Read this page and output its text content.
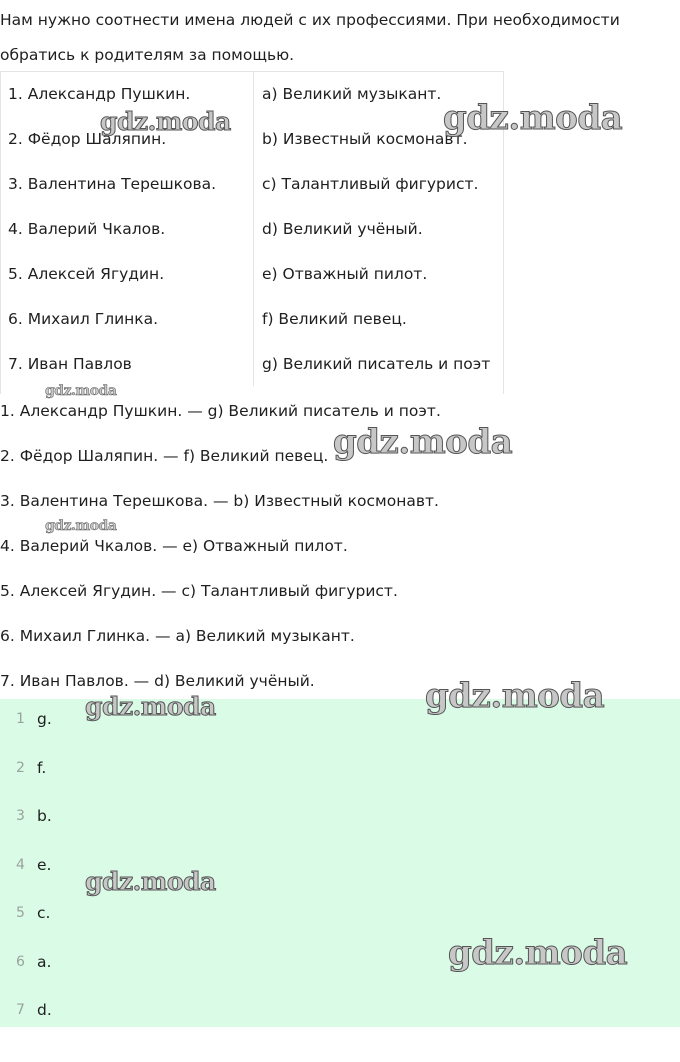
Нам нужно соотнести имена людей с их профессиями. При необходимости обратись к родителям за помощью.

1. Александр Пушкин.	a) Великий музыкант.
2. Фёдор Шаляпин.	b) Известный космонавт.
3. Валентина Терешкова.	c) Талантливый фигурист.
4. Валерий Чкалов.	d) Великий учёный.
5. Алексей Ягудин.	e) Отважный пилот.
6. Михаил Глинка.	f) Великий певец.
7. Иван Павлов	g) Великий писатель и поэт
1. Александр Пушкин. — g) Великий писатель и поэт.
2. Фёдор Шаляпин. — f) Великий певец.
3. Валентина Терешкова. — b) Известный космонавт.
4. Валерий Чкалов. — e) Отважный пилот.
5. Алексей Ягудин. — c) Талантливый фигурист.
6. Михаил Глинка. — a) Великий музыкант.
7. Иван Павлов. — d) Великий учёный.
1 g.
2 f.
3 b.
4 e.
5 c.
6 a.
7 d.
gdz.moda	gdz.moda
gdz.moda
gdz.moda
gdz.moda
gdz.moda
gdz.moda
gdz.moda
gdz.moda
